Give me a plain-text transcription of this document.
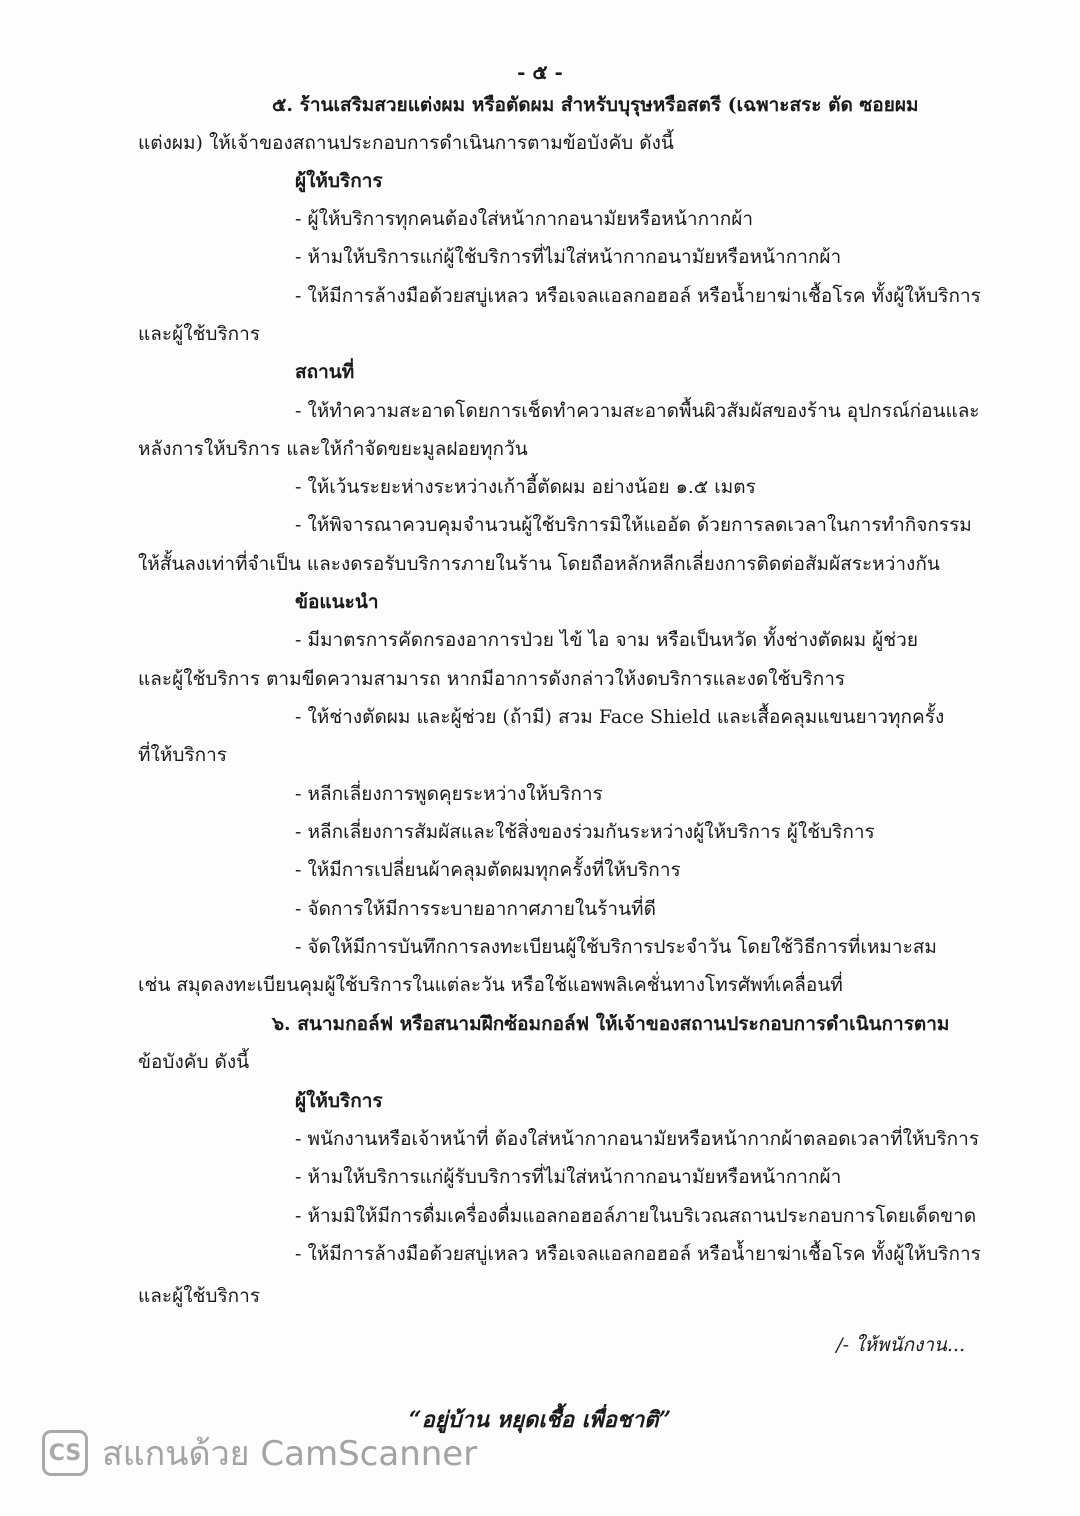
- ๕ -
๕. ร้านเสริมสวยแต่งผม หรือตัดผม สำหรับบุรุษหรือสตรี (เฉพาะสระ ตัด ซอยผม
แต่งผม) ให้เจ้าของสถานประกอบการดำเนินการตามข้อบังคับ ดังนี้
ผู้ให้บริการ
- ผู้ให้บริการทุกคนต้องใส่หน้ากากอนามัยหรือหน้ากากผ้า
- ห้ามให้บริการแก่ผู้ใช้บริการที่ไม่ใส่หน้ากากอนามัยหรือหน้ากากผ้า
- ให้มีการล้างมือด้วยสบู่เหลว หรือเจลแอลกอฮอล์ หรือน้ำยาฆ่าเชื้อโรค ทั้งผู้ให้บริการ
และผู้ใช้บริการ
สถานที่
- ให้ทำความสะอาดโดยการเช็ดทำความสะอาดพื้นผิวสัมผัสของร้าน อุปกรณ์ก่อนและ
หลังการให้บริการ และให้กำจัดขยะมูลฝอยทุกวัน
- ให้เว้นระยะห่างระหว่างเก้าอี้ตัดผม อย่างน้อย ๑.๕ เมตร
- ให้พิจารณาควบคุมจำนวนผู้ใช้บริการมิให้แออัด ด้วยการลดเวลาในการทำกิจกรรม
ให้สั้นลงเท่าที่จำเป็น และงดรอรับบริการภายในร้าน โดยถือหลักหลีกเลี่ยงการติดต่อสัมผัสระหว่างกัน
ข้อแนะนำ
- มีมาตรการคัดกรองอาการป่วย ไข้ ไอ จาม หรือเป็นหวัด ทั้งช่างตัดผม ผู้ช่วย
และผู้ใช้บริการ ตามขีดความสามารถ หากมีอาการดังกล่าวให้งดบริการและงดใช้บริการ
- ให้ช่างตัดผม และผู้ช่วย (ถ้ามี) สวม Face Shield และเสื้อคลุมแขนยาวทุกครั้ง
ที่ให้บริการ
- หลีกเลี่ยงการพูดคุยระหว่างให้บริการ
- หลีกเลี่ยงการสัมผัสและใช้สิ่งของร่วมกันระหว่างผู้ให้บริการ ผู้ใช้บริการ
- ให้มีการเปลี่ยนผ้าคลุมตัดผมทุกครั้งที่ให้บริการ
- จัดการให้มีการระบายอากาศภายในร้านที่ดี
- จัดให้มีการบันทึกการลงทะเบียนผู้ใช้บริการประจำวัน โดยใช้วิธีการที่เหมาะสม
เช่น สมุดลงทะเบียนคุมผู้ใช้บริการในแต่ละวัน หรือใช้แอพพลิเคชั่นทางโทรศัพท์เคลื่อนที่
๖. สนามกอล์ฟ หรือสนามฝึกซ้อมกอล์ฟ ให้เจ้าของสถานประกอบการดำเนินการตาม
ข้อบังคับ ดังนี้
ผู้ให้บริการ
- พนักงานหรือเจ้าหน้าที่ ต้องใส่หน้ากากอนามัยหรือหน้ากากผ้าตลอดเวลาที่ให้บริการ
- ห้ามให้บริการแก่ผู้รับบริการที่ไม่ใส่หน้ากากอนามัยหรือหน้ากากผ้า
- ห้ามมิให้มีการดื่มเครื่องดื่มแอลกอฮอล์ภายในบริเวณสถานประกอบการโดยเด็ดขาด
- ให้มีการล้างมือด้วยสบู่เหลว หรือเจลแอลกอฮอล์ หรือน้ำยาฆ่าเชื้อโรค ทั้งผู้ให้บริการ
และผู้ใช้บริการ
/- ให้พนักงาน...
“อยู่บ้าน หยุดเชื้อ เพื่อชาติ”
CS สแกนด้วย CamScanner
